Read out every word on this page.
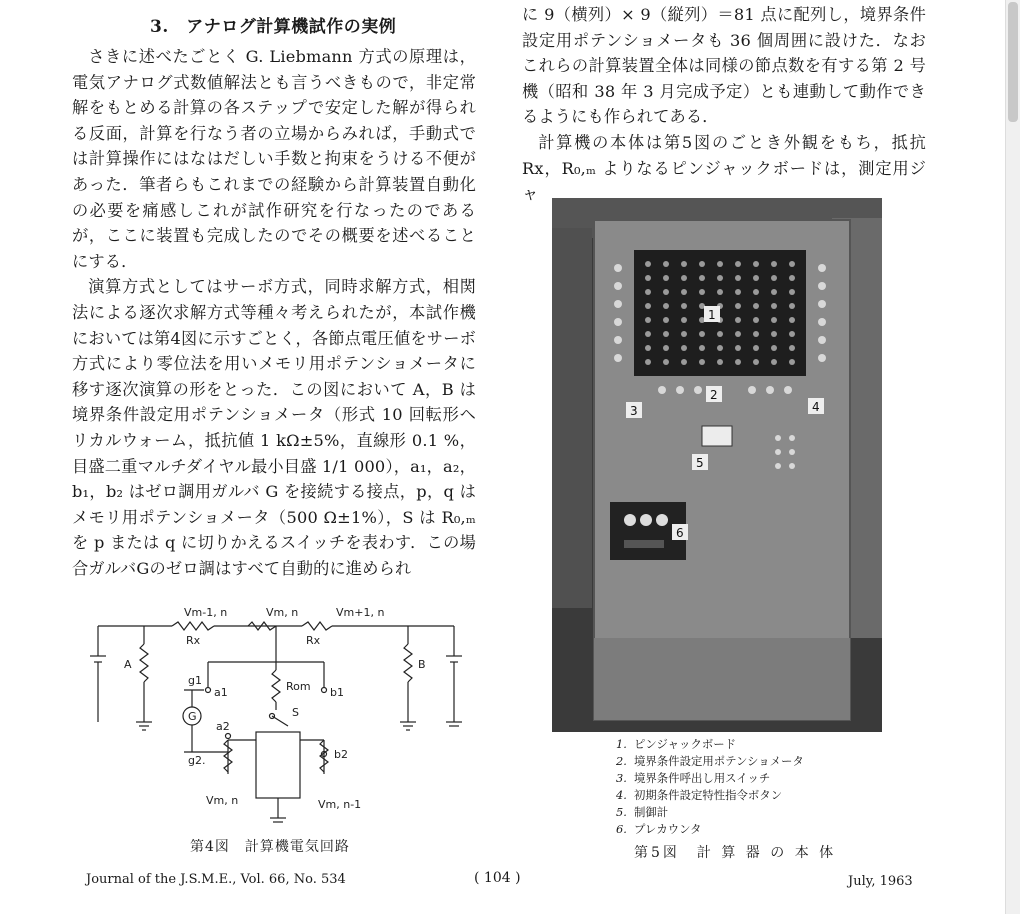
3.　アナログ計算機試作の実例

さきに述べたごとく G. Liebmann 方式の原理は，電気アナログ式数値解法とも言うべきもので，非定常解をもとめる計算の各ステップで安定した解が得られる反面，計算を行なう者の立場からみれば，手動式では計算操作にはなはだしい手数と拘束をうける不便があった．筆者らもこれまでの経験から計算装置自動化の必要を痛感しこれが試作研究を行なったのであるが，ここに装置も完成したのでその概要を述べることにする．

演算方式としてはサーボ方式，同時求解方式，相関法による逐次求解方式等種々考えられたが，本試作機においては第4図に示すごとく，各節点電圧値をサーボ方式により零位法を用いメモリ用ポテンショメータに移す逐次演算の形をとった．この図において A，B は境界条件設定用ポテンショメータ（形式 10 回転形ヘリカルウォーム，抵抗値 1 kΩ±5%，直線形 0.1 %，目盛二重マルチダイヤル最小目盛 1/1 000），a₁，a₂，b₁，b₂ はゼロ調用ガルバ G を接続する接点，p，q はメモリ用ポテンショメータ（500 Ω±1%），S は R₀,ₘ を p または q に切りかえるスイッチを表わす．この場合ガルバGのゼロ調はすべて自動的に進められ

に 9（横列）× 9（縦列）＝81 点に配列し，境界条件設定用ポテンショメータも 36 個周囲に設けた．なおこれらの計算装置全体は同様の節点数を有する第 2 号機（昭和 38 年 3 月完成予定）とも連動して動作できるようにも作られてある．

計算機の本体は第5図のごとき外観をもち，抵抗 Rx，R₀,ₘ よりなるピンジャックボードは，測定用ジャ

Vm-1, n	Vm, n	Vm+1, n
Rx	Rx
A	B
Rom
g1
a1	b1
G	S
a2
g2.	b2
Vm, n	Vm, n-1
第4図　計算機電気回路
1
2
3	4
5
6
1. ピンジャックボード
2. 境界条件設定用ポテンショメータ
3. 境界条件呼出し用スイッチ
4. 初期条件設定特性指令ボタン
5. 制御計
6. プレカウンタ
第5図　計 算 器 の 本 体
Journal of the J.S.M.E., Vol. 66, No. 534	( 104 )	July, 1963
